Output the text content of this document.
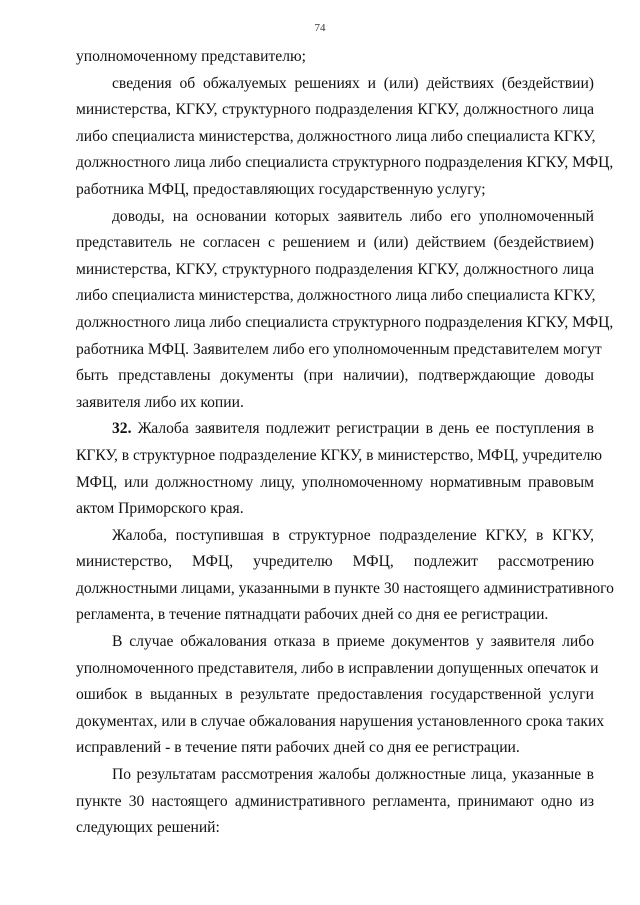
74
уполномоченному представителю;
сведения об обжалуемых решениях и (или) действиях (бездействии)
министерства, КГКУ, структурного подразделения КГКУ, должностного лица
либо специалиста министерства, должностного лица либо специалиста КГКУ,
должностного лица либо специалиста структурного подразделения КГКУ, МФЦ,
работника МФЦ, предоставляющих государственную услугу;
доводы, на основании которых заявитель либо его уполномоченный
представитель не согласен с решением и (или) действием (бездействием)
министерства, КГКУ, структурного подразделения КГКУ, должностного лица
либо специалиста министерства, должностного лица либо специалиста КГКУ,
должностного лица либо специалиста структурного подразделения КГКУ, МФЦ,
работника МФЦ. Заявителем либо его уполномоченным представителем могут
быть представлены документы (при наличии), подтверждающие доводы
заявителя либо их копии.
32. Жалоба заявителя подлежит регистрации в день ее поступления в
КГКУ, в структурное подразделение КГКУ, в министерство, МФЦ, учредителю
МФЦ, или должностному лицу, уполномоченному нормативным правовым
актом Приморского края.
Жалоба, поступившая в структурное подразделение КГКУ, в КГКУ,
министерство, МФЦ, учредителю МФЦ, подлежит рассмотрению
должностными лицами, указанными в пункте 30 настоящего административного
регламента, в течение пятнадцати рабочих дней со дня ее регистрации.
В случае обжалования отказа в приеме документов у заявителя либо
уполномоченного представителя, либо в исправлении допущенных опечаток и
ошибок в выданных в результате предоставления государственной услуги
документах, или в случае обжалования нарушения установленного срока таких
исправлений - в течение пяти рабочих дней со дня ее регистрации.
По результатам рассмотрения жалобы должностные лица, указанные в
пункте 30 настоящего административного регламента, принимают одно из
следующих решений:
